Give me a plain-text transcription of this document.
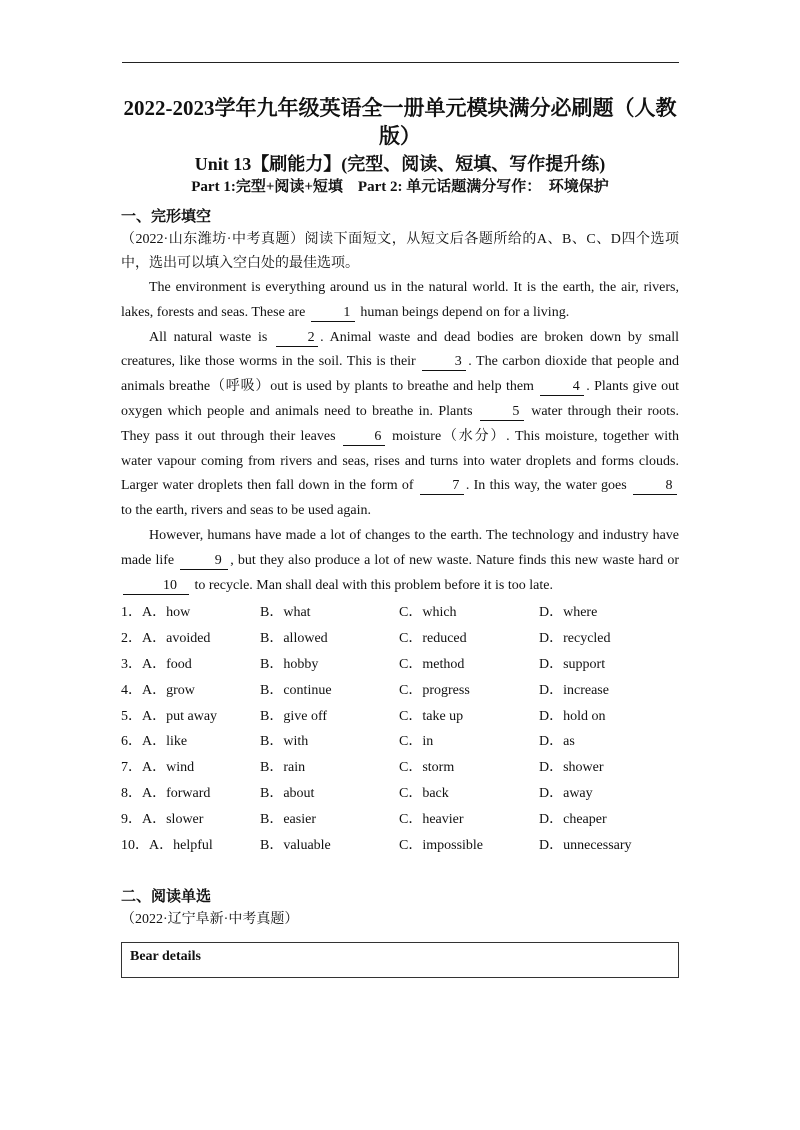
2022-2023学年九年级英语全一册单元模块满分必刷题（人教
版）
Unit 13【刷能力】(完型、阅读、短填、写作提升练)
Part 1:完型+阅读+短填    Part 2: 单元话题满分写作：  环境保护
一、完形填空
（2022·山东潍坊·中考真题）阅读下面短文，从短文后各题所给的A、B、C、D四个选项中，选出可以填入空白处的最佳选项。

The environment is everything around us in the natural world. It is the earth, the air, rivers, lakes, forests and seas. These are	1 human beings depend on for a living.

All natural waste is	2 . Animal waste and dead bodies are broken down by small creatures, like those worms in the soil. This is their	3 . The carbon dioxide that people and animals breathe（呼吸）out is used by plants to breathe and help them	4 . Plants give out oxygen which people and animals need to breathe in. Plants	5 water through their roots. They pass it out through their leaves	6 moisture（水分）. This moisture, together with water vapour coming from rivers and seas, rises and turns into water droplets and forms clouds. Larger water droplets then fall down in the form of	7 . In this way, the water goes	8 to the earth, rivers and seas to be used again.

However, humans have made a lot of changes to the earth. The technology and industry have made life	9 , but they also produce a lot of new waste. Nature finds this new waste hard or 10 to recycle. Man shall deal with this problem before it is too late.

1．A．how	B．what	C．which	D．where
2．A．avoided	B．allowed	C．reduced	D．recycled
3．A．food	B．hobby	C．method	D．support
4．A．grow	B．continue	C．progress	D．increase
5．A．put away	B．give off	C．take up	D．hold on
6．A．like	B．with	C．in	D．as
7．A．wind	B．rain	C．storm	D．shower
8．A．forward	B．about	C．back	D．away
9．A．slower	B．easier	C．heavier	D．cheaper
10．A．helpful	B．valuable	C．impossible	D．unnecessary
二、阅读单选
（2022·辽宁阜新·中考真题）
Bear details
